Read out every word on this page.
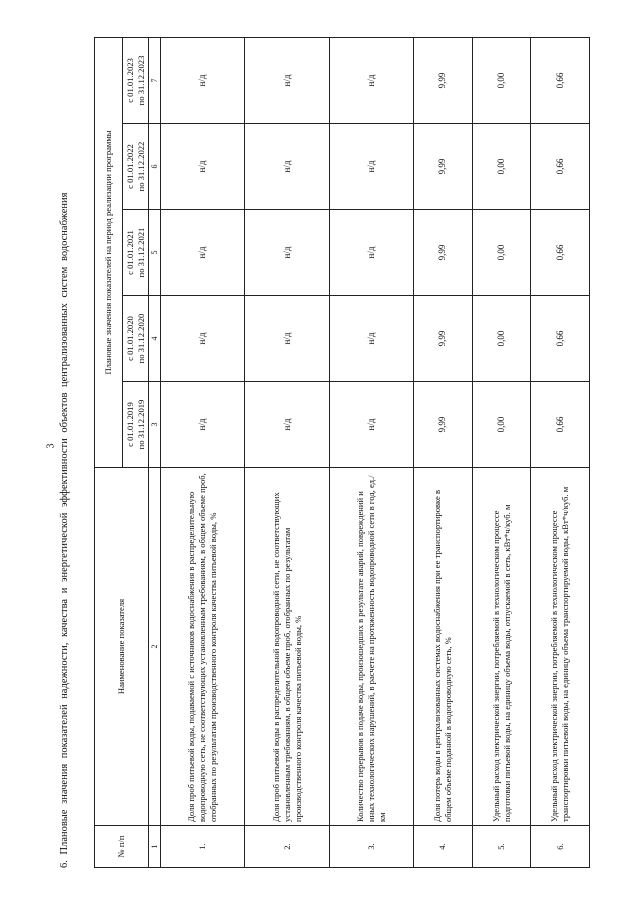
3 6. Плановые значения показателей надежности, качества и энергетической эффективности объектов централизованных систем водоснабжения	№ п/п	Наименование показателя	Плановые значения показателей на период реализации программы				

		с 01.01.2019 по 31.12.2019	с 01.01.2020 по 31.12.2020	с 01.01.2021 по 31.12.2021	с 01.01.2022 по 31.12.2022	с 01.01.2023 по 31.12.2023

1	2	3	4	5	6	7
1.	Доля проб питьевой воды, подаваемой с источников водоснабжения в распределительную водопроводную сеть, не соответствующих установленным требованиям, в общем объеме проб, отобранных по результатам производственного контроля качества питьевой воды, %	н/д	н/д	н/д	н/д	н/д
2.	Доля проб питьевой воды в распределительной водопроводной сети, не соответствующих установленным требованиям, в общем объеме проб, отобранных по результатам производственного контроля качества питьевой воды, %	н/д	н/д	н/д	н/д	н/д
3.	Количество перерывов в подаче воды, произошедших в результате аварий, повреждений и иных технологических нарушений, в расчете на протяженность водопроводной сети в год, ед./км	н/д	н/д	н/д	н/д	н/д
4.	Доля потерь воды в централизованных системах водоснабжения при ее транспортировке в общем объеме поданной в водопроводную сеть, %	9,99	9,99	9,99	9,99	9,99
5.	Удельный расход электрической энергии, потребляемой в технологическом процессе подготовки питьевой воды, на единицу объема воды, отпускаемой в сеть, кВт*ч/куб. м	0,00	0,00	0,00	0,00	0,00
6.	Удельный расход электрической энергии, потребляемой в технологическом процессе транспортировки питьевой воды, на единицу объема транспортируемой воды, кВт*ч/куб. м	0,66	0,66	0,66	0,66	0,66
